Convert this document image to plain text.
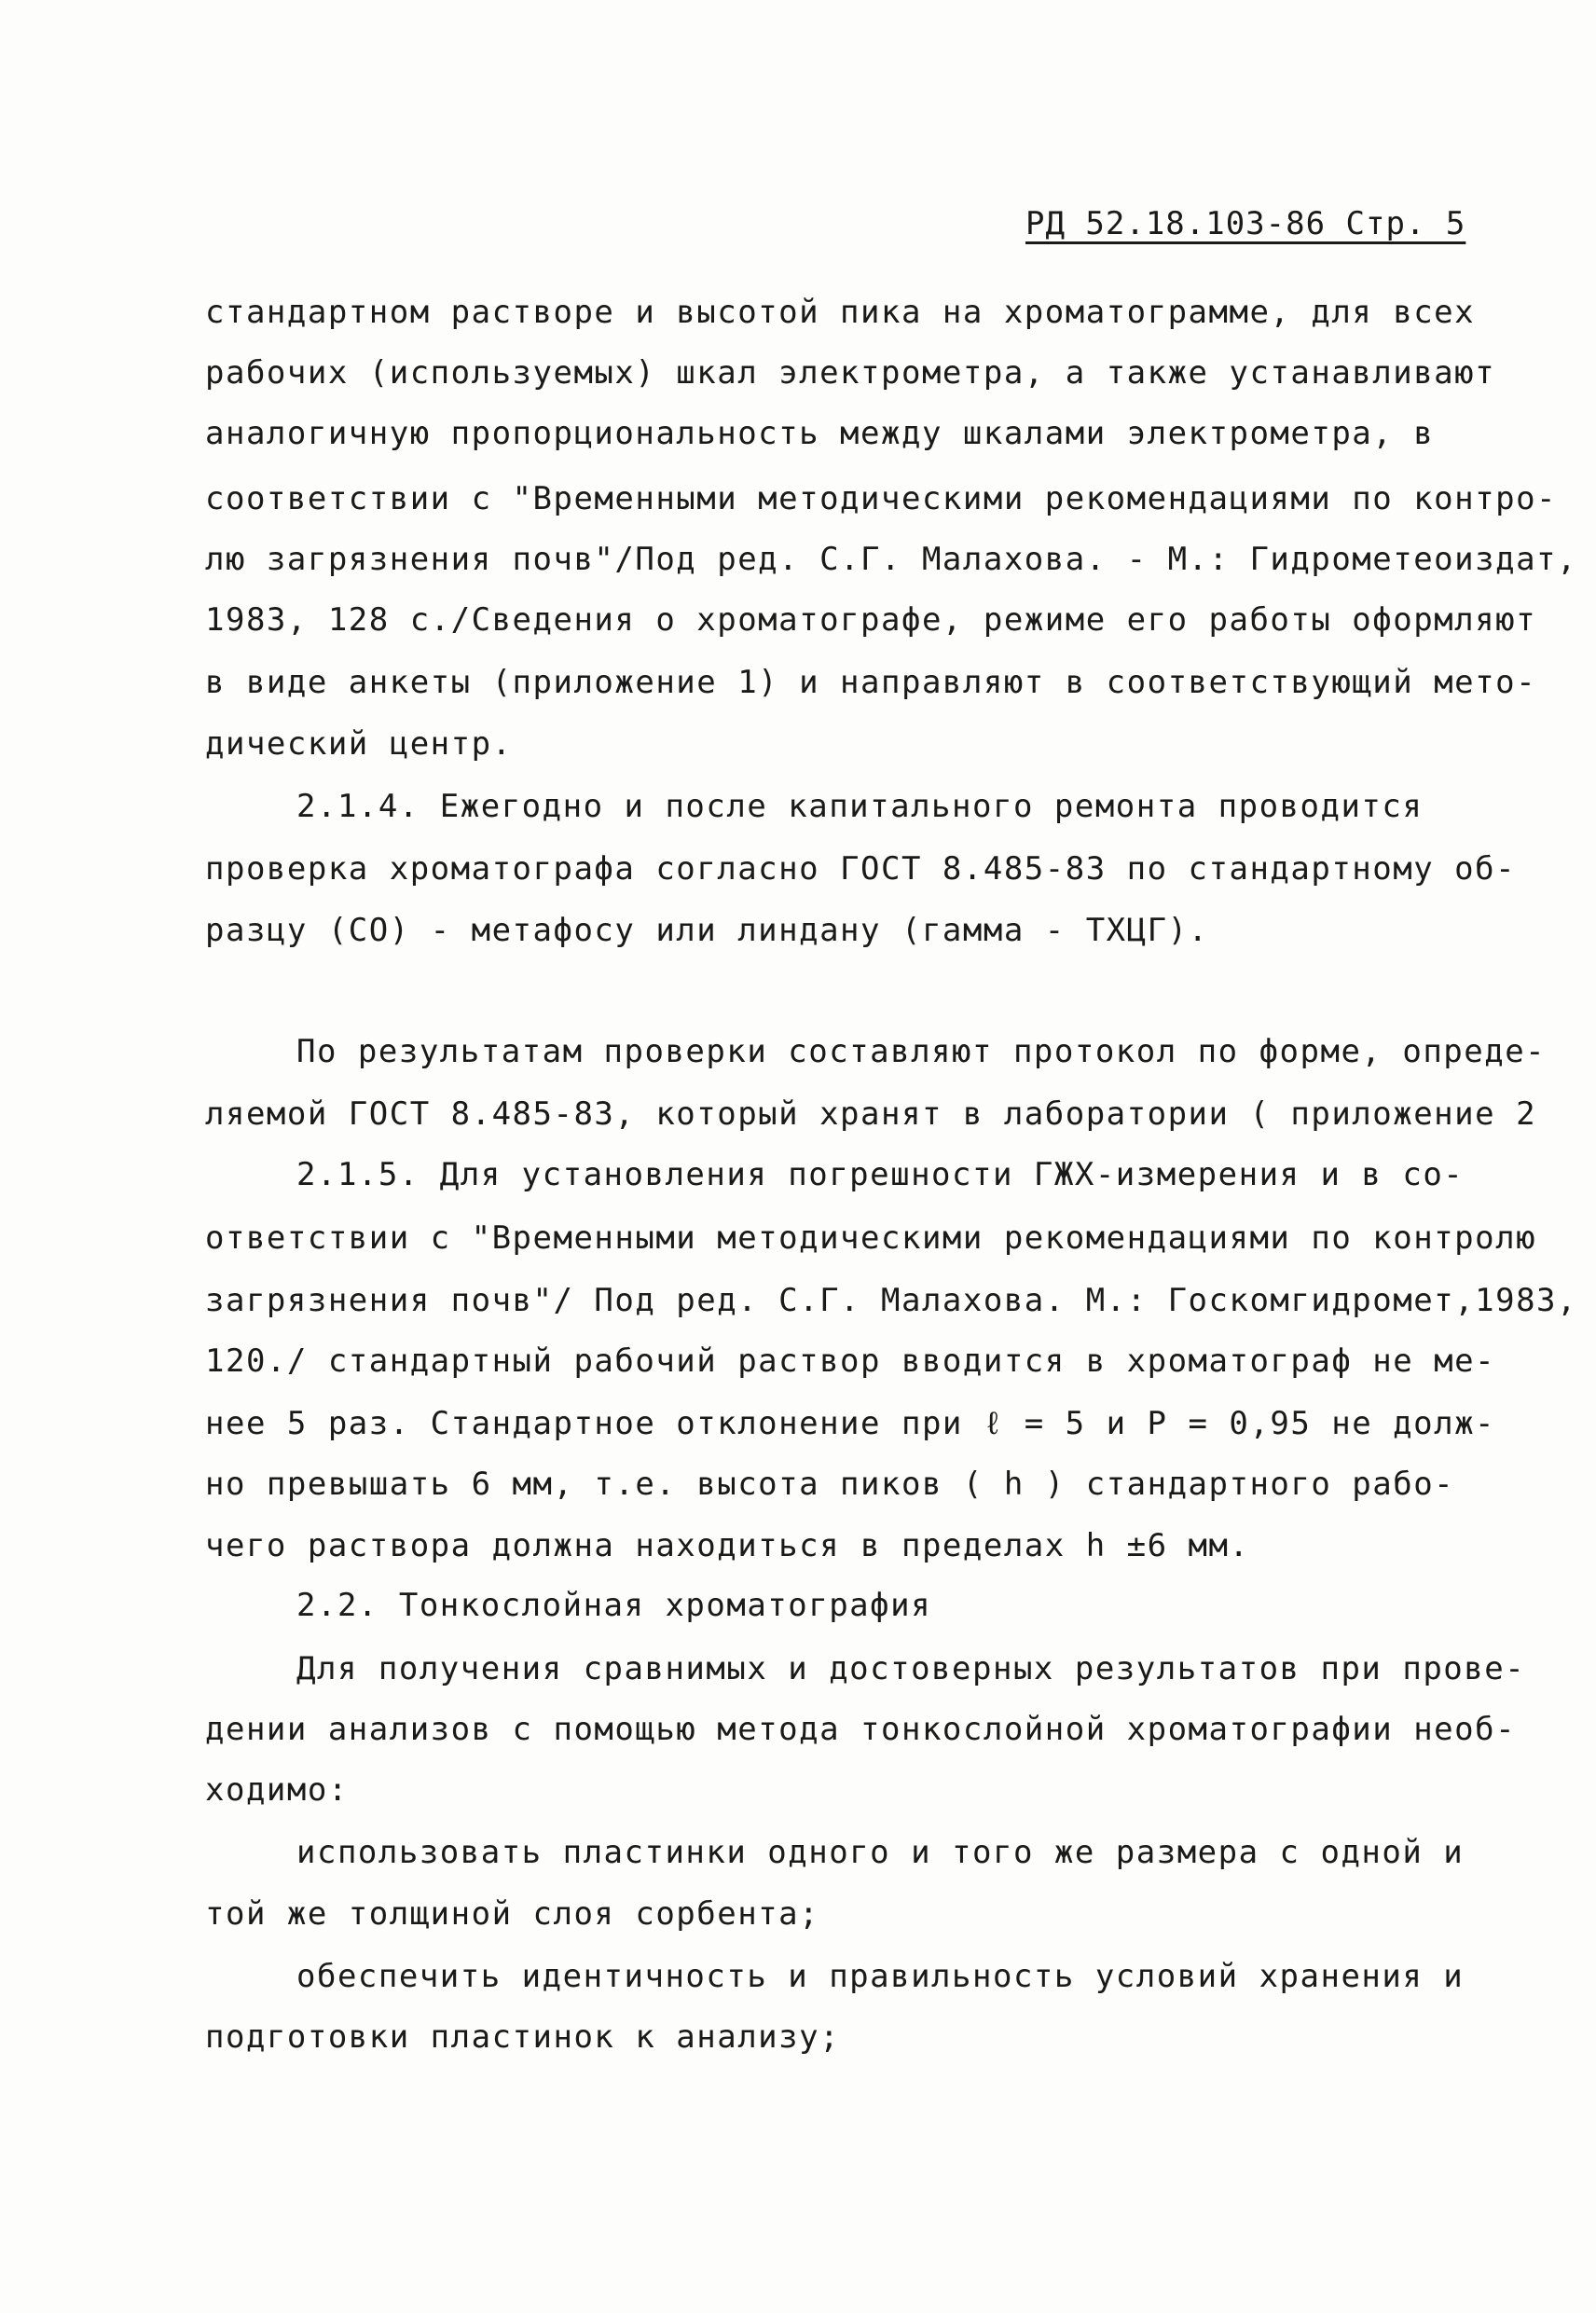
РД 52.18.103-86 Стр. 5
стандартном растворе и высотой пика на хроматограмме, для всех
рабочих (используемых) шкал электрометра, а также устанавливают
аналогичную пропорциональность между шкалами электрометра, в
соответствии с "Временными методическими рекомендациями по контро-
лю загрязнения почв"/Под ред. С.Г. Малахова. - М.: Гидрометеоиздат,
1983, 128 с./Сведения о хроматографе, режиме его работы оформляют
в виде анкеты (приложение 1) и направляют в соответствующий мето-
дический центр.
2.1.4. Ежегодно и после капитального ремонта проводится
проверка хроматографа согласно ГОСТ 8.485-83 по стандартному об-
разцу (СО) - метафосу или линдану (гамма - ТХЦГ).
По результатам проверки составляют протокол по форме, опреде-
ляемой ГОСТ 8.485-83, который хранят в лаборатории ( приложение 2
2.1.5. Для установления погрешности ГЖХ-измерения и в со-
ответствии с "Временными методическими рекомендациями по контролю
загрязнения почв"/ Под ред. С.Г. Малахова. М.: Госкомгидромет,1983,
120./ стандартный рабочий раствор вводится в хроматограф не ме-
нее 5 раз. Стандартное отклонение при ℓ = 5 и Р = 0,95 не долж-
но превышать 6 мм, т.е. высота пиков ( h ) стандартного рабо-
чего раствора должна находиться в пределах h ±6 мм.
2.2. Тонкослойная хроматография
Для получения сравнимых и достоверных результатов при прове-
дении анализов с помощью метода тонкослойной хроматографии необ-
ходимо:
использовать пластинки одного и того же размера с одной и
той же толщиной слоя сорбента;
обеспечить идентичность и правильность условий хранения и
подготовки пластинок к анализу;
